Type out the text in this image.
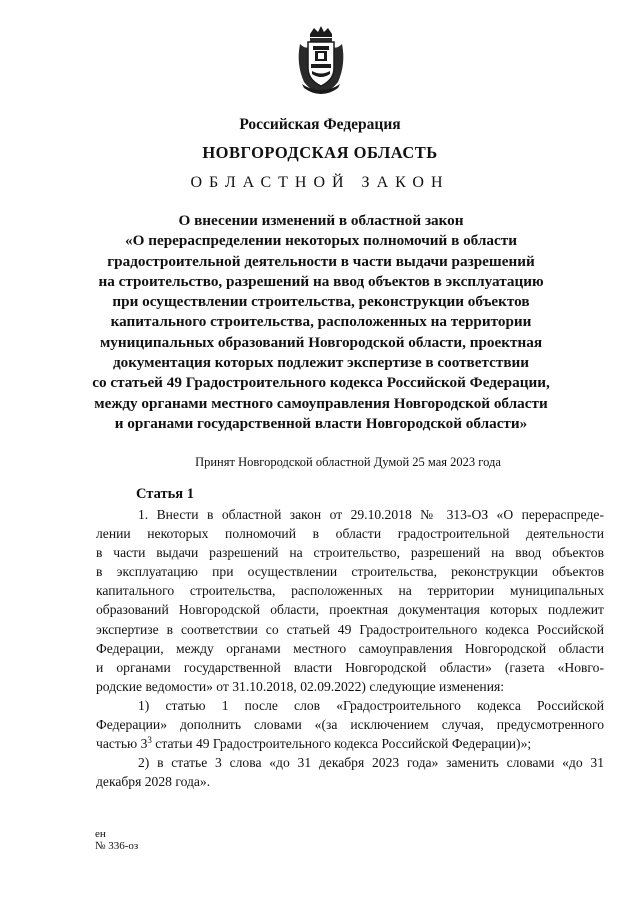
Российская Федерация
НОВГОРОДСКАЯ ОБЛАСТЬ
ОБЛАСТНОЙ ЗАКОН
О внесении изменений в областной закон
«О перераспределении некоторых полномочий в области
градостроительной деятельности в части выдачи разрешений
на строительство, разрешений на ввод объектов в эксплуатацию
при осуществлении строительства, реконструкции объектов
капитального строительства, расположенных на территории
муниципальных образований Новгородской области, проектная
документация которых подлежит экспертизе в соответствии
со статьей 49 Градостроительного кодекса Российской Федерации,
между органами местного самоуправления Новгородской области
и органами государственной власти Новгородской области»
Принят Новгородской областной Думой 25 мая 2023 года
Статья 1

1. Внести в областной закон от 29.10.2018 № 313-ОЗ «О перераспреде-
лении некоторых полномочий в области градостроительной деятельности
в части выдачи разрешений на строительство, разрешений на ввод объектов
в эксплуатацию при осуществлении строительства, реконструкции объектов
капитального строительства, расположенных на территории муниципальных
образований Новгородской области, проектная документация которых подлежит
экспертизе в соответствии со статьей 49 Градостроительного кодекса Российской
Федерации, между органами местного самоуправления Новгородской области
и органами государственной власти Новгородской области» (газета «Новго-
родские ведомости» от 31.10.2018, 02.09.2022) следующие изменения:

1) статью 1 после слов «Градостроительного кодекса Российской
Федерации» дополнить словами «(за исключением случая, предусмотренного
частью $3^3$ статьи 49 Градостроительного кодекса Российской Федерации)»;

2) в статье 3 слова «до 31 декабря 2023 года» заменить словами «до 31
декабря 2028 года».

ен
№ 336-оз
